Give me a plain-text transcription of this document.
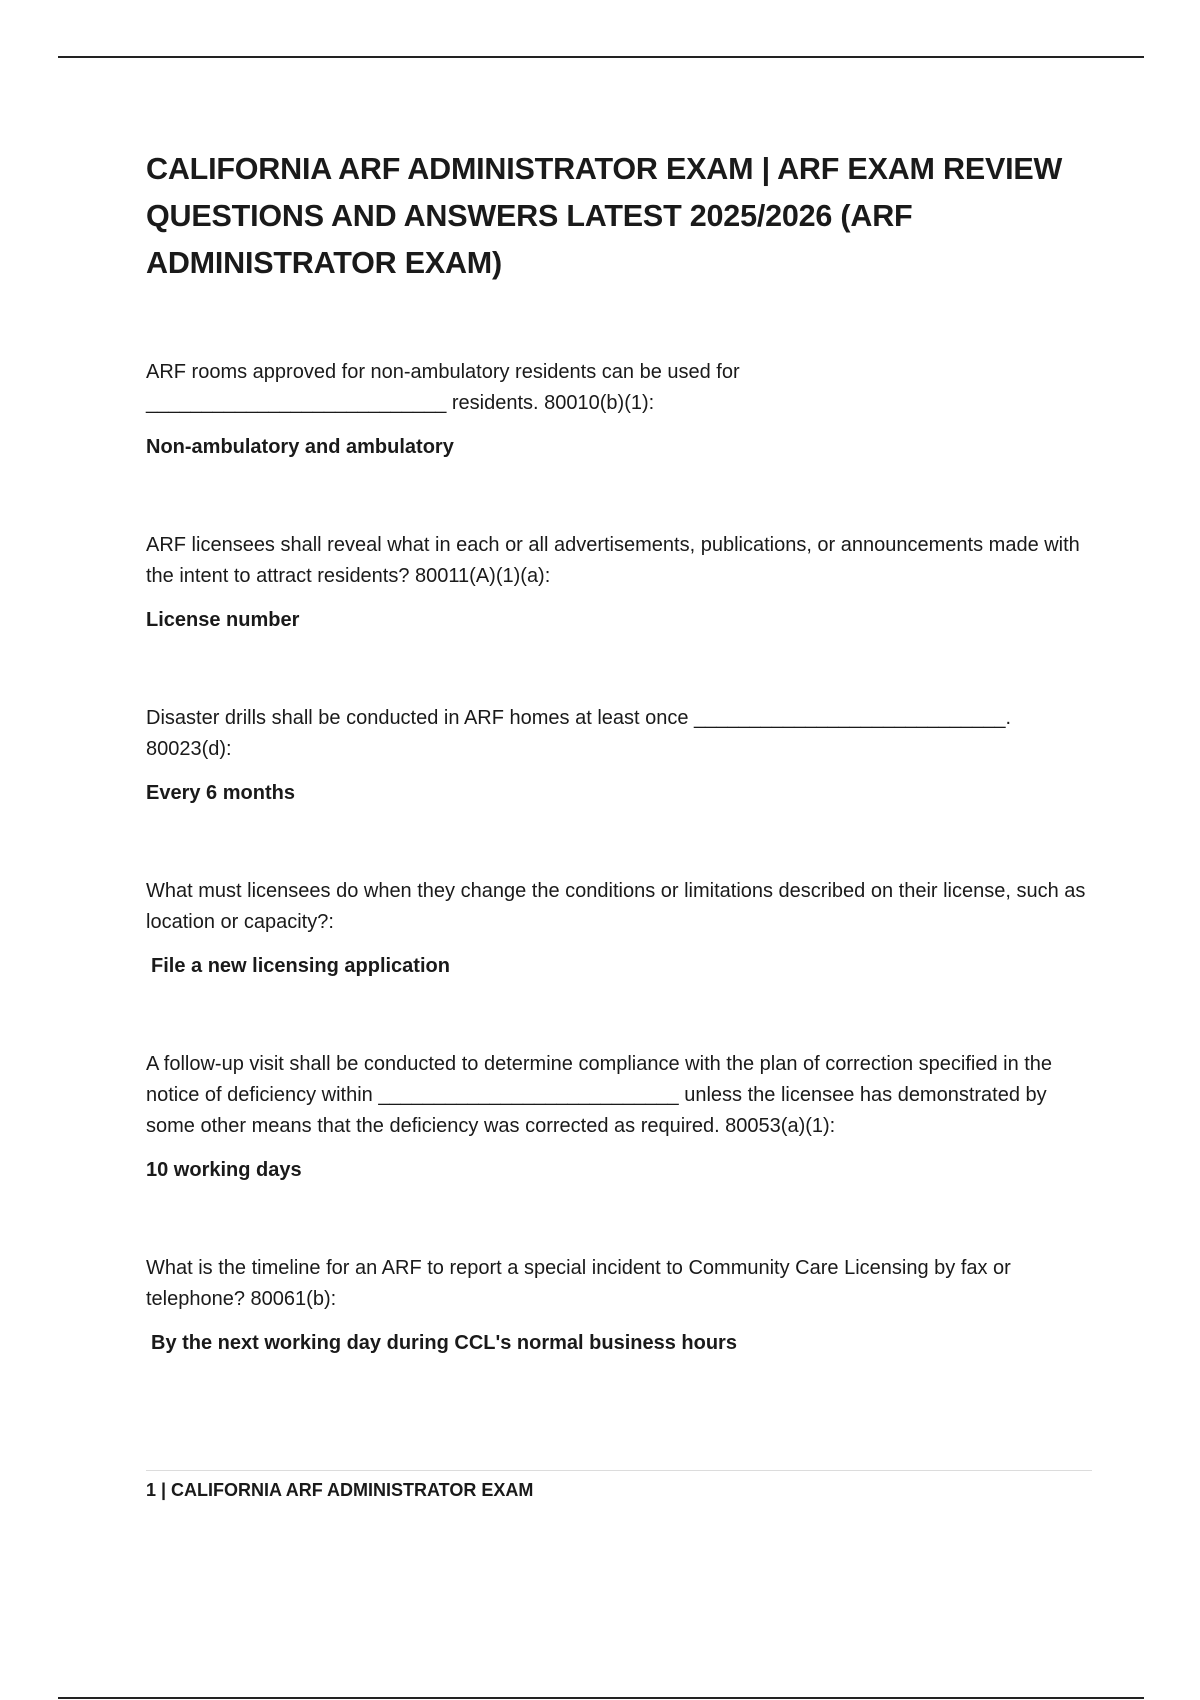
CALIFORNIA ARF ADMINISTRATOR EXAM | ARF EXAM REVIEW QUESTIONS AND ANSWERS LATEST 2025/2026 (ARF ADMINISTRATOR EXAM)

ARF rooms approved for non-ambulatory residents can be used for ___________________________ residents. 80010(b)(1):

Non-ambulatory and ambulatory

ARF licensees shall reveal what in each or all advertisements, publications, or announcements made with the intent to attract residents? 80011(A)(1)(a):

License number

Disaster drills shall be conducted in ARF homes at least once ____________________________. 80023(d):

Every 6 months

What must licensees do when they change the conditions or limitations described on their license, such as location or capacity?:

File a new licensing application

A follow-up visit shall be conducted to determine compliance with the plan of correction specified in the notice of deficiency within ___________________________ unless the licensee has demonstrated by some other means that the deficiency was corrected as required. 80053(a)(1):

10 working days

What is the timeline for an ARF to report a special incident to Community Care Licensing by fax or telephone? 80061(b):

By the next working day during CCL's normal business hours

1 | CALIFORNIA ARF ADMINISTRATOR EXAM
